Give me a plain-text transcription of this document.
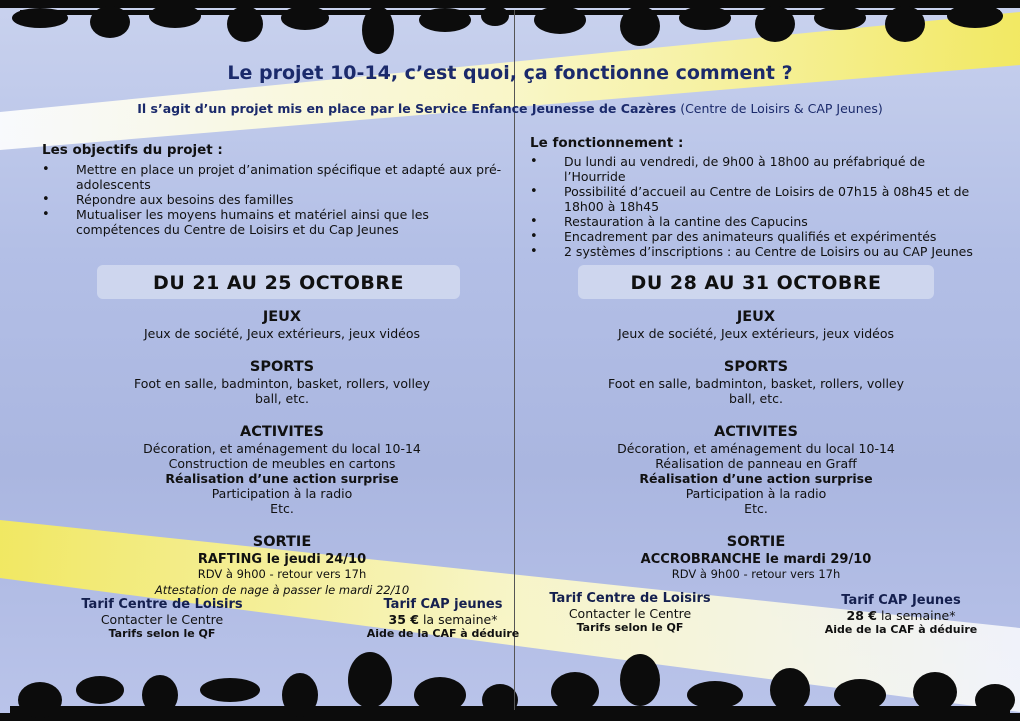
Le projet 10-14, c’est quoi, ça fonctionne comment ?
Il s’agit d’un projet mis en place par le Service Enfance Jeunesse de Cazères (Centre de Loisirs & CAP Jeunes)
Les objectifs du projet :
• Mettre en place un projet d’animation spécifique et adapté aux pré-adolescents
• Répondre aux besoins des familles
• Mutualiser les moyens humains et matériel ainsi que les compétences du Centre de Loisirs et du Cap Jeunes
Le fonctionnement :
• Du lundi au vendredi, de 9h00 à 18h00 au préfabriqué de l’Hourride
• Possibilité d’accueil au Centre de Loisirs de 07h15 à 08h45 et de 18h00 à 18h45
• Restauration à la cantine des Capucins
• Encadrement par des animateurs qualifiés et expérimentés
• 2 systèmes d’inscriptions : au Centre de Loisirs ou au CAP Jeunes
DU 21 AU 25 OCTOBRE
JEUX
Jeux de société, Jeux extérieurs, jeux vidéos
SPORTS
Foot en salle, badminton, basket, rollers, volley
ball, etc.
ACTIVITES
Décoration, et aménagement du local 10-14
Construction de meubles en cartons
Réalisation d’une action surprise
Participation à la radio
Etc.
SORTIE
RAFTING le jeudi 24/10
RDV à 9h00 - retour vers 17h
Attestation de nage à passer le mardi 22/10
Tarif Centre de Loisirs
Contacter le Centre
Tarifs selon le QF
Tarif CAP jeunes
35 € la semaine*
Aide de la CAF à déduire
DU 28 AU 31 OCTOBRE
JEUX
Jeux de société, Jeux extérieurs, jeux vidéos
SPORTS
Foot en salle, badminton, basket, rollers, volley
ball, etc.
ACTIVITES
Décoration, et aménagement du local 10-14
Réalisation de panneau en Graff
Réalisation d’une action surprise
Participation à la radio
Etc.
SORTIE
ACCROBRANCHE le mardi 29/10
RDV à 9h00 - retour vers 17h
Tarif Centre de Loisirs
Contacter le Centre
Tarifs selon le QF
Tarif CAP Jeunes
28 € la semaine*
Aide de la CAF à déduire
